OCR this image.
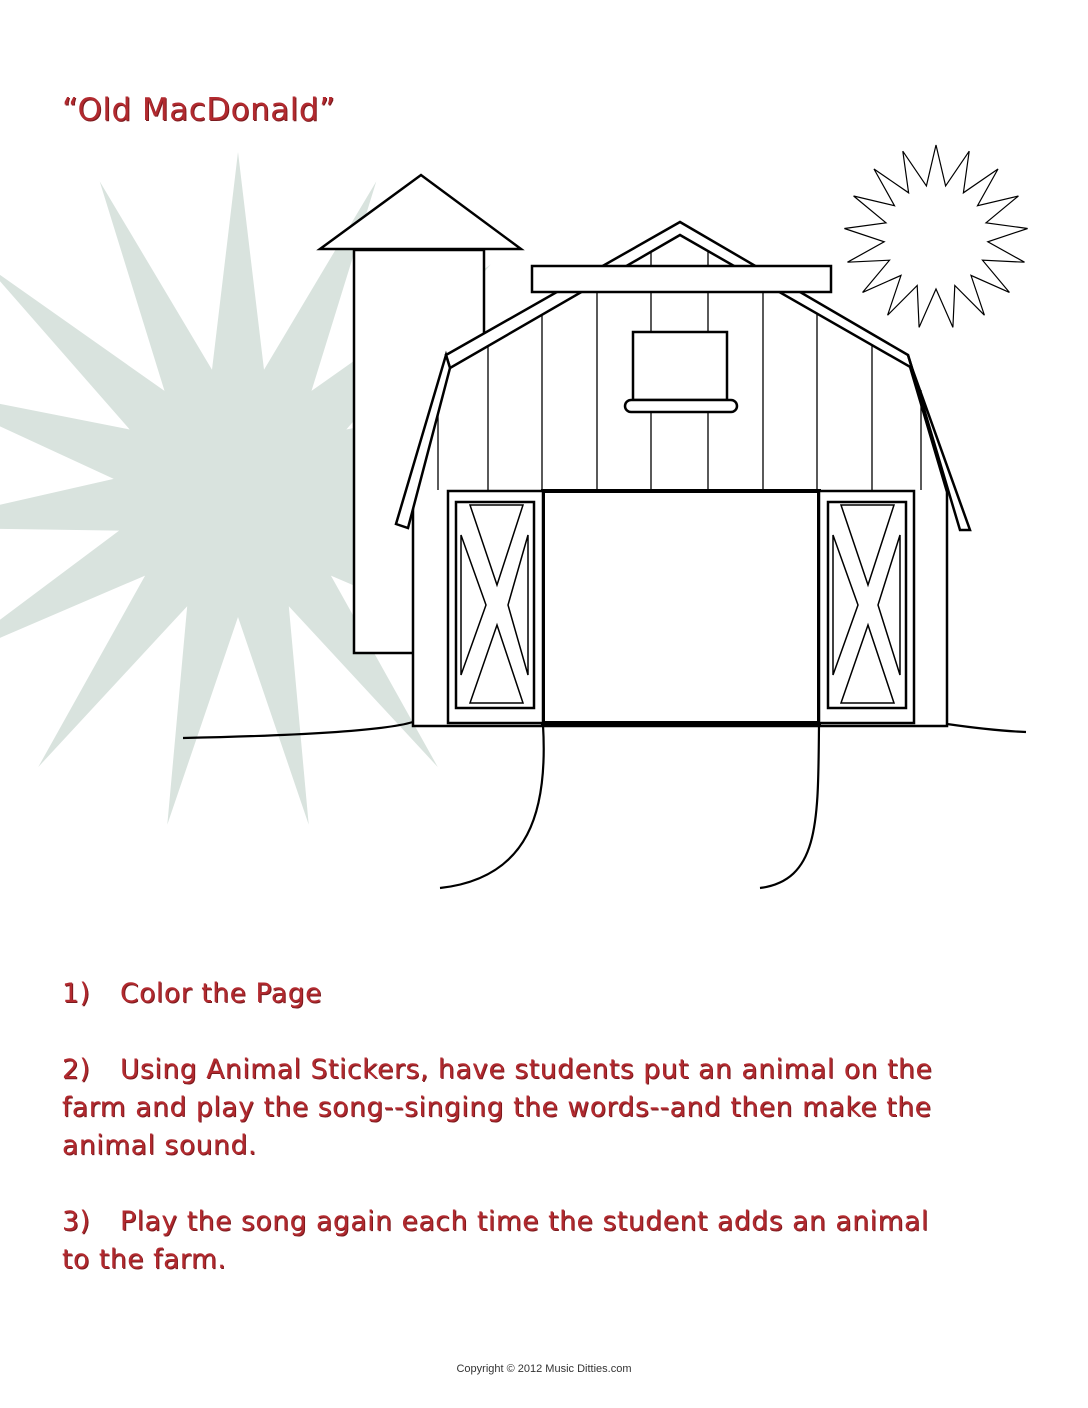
“Old MacDonald”
1) Color the Page
2) Using Animal Stickers, have students put an animal on the farm and play the song--singing the words--and then make the animal sound.
3) Play the song again each time the student adds an animal to the farm.
Copyright © 2012 Music Ditties.com
